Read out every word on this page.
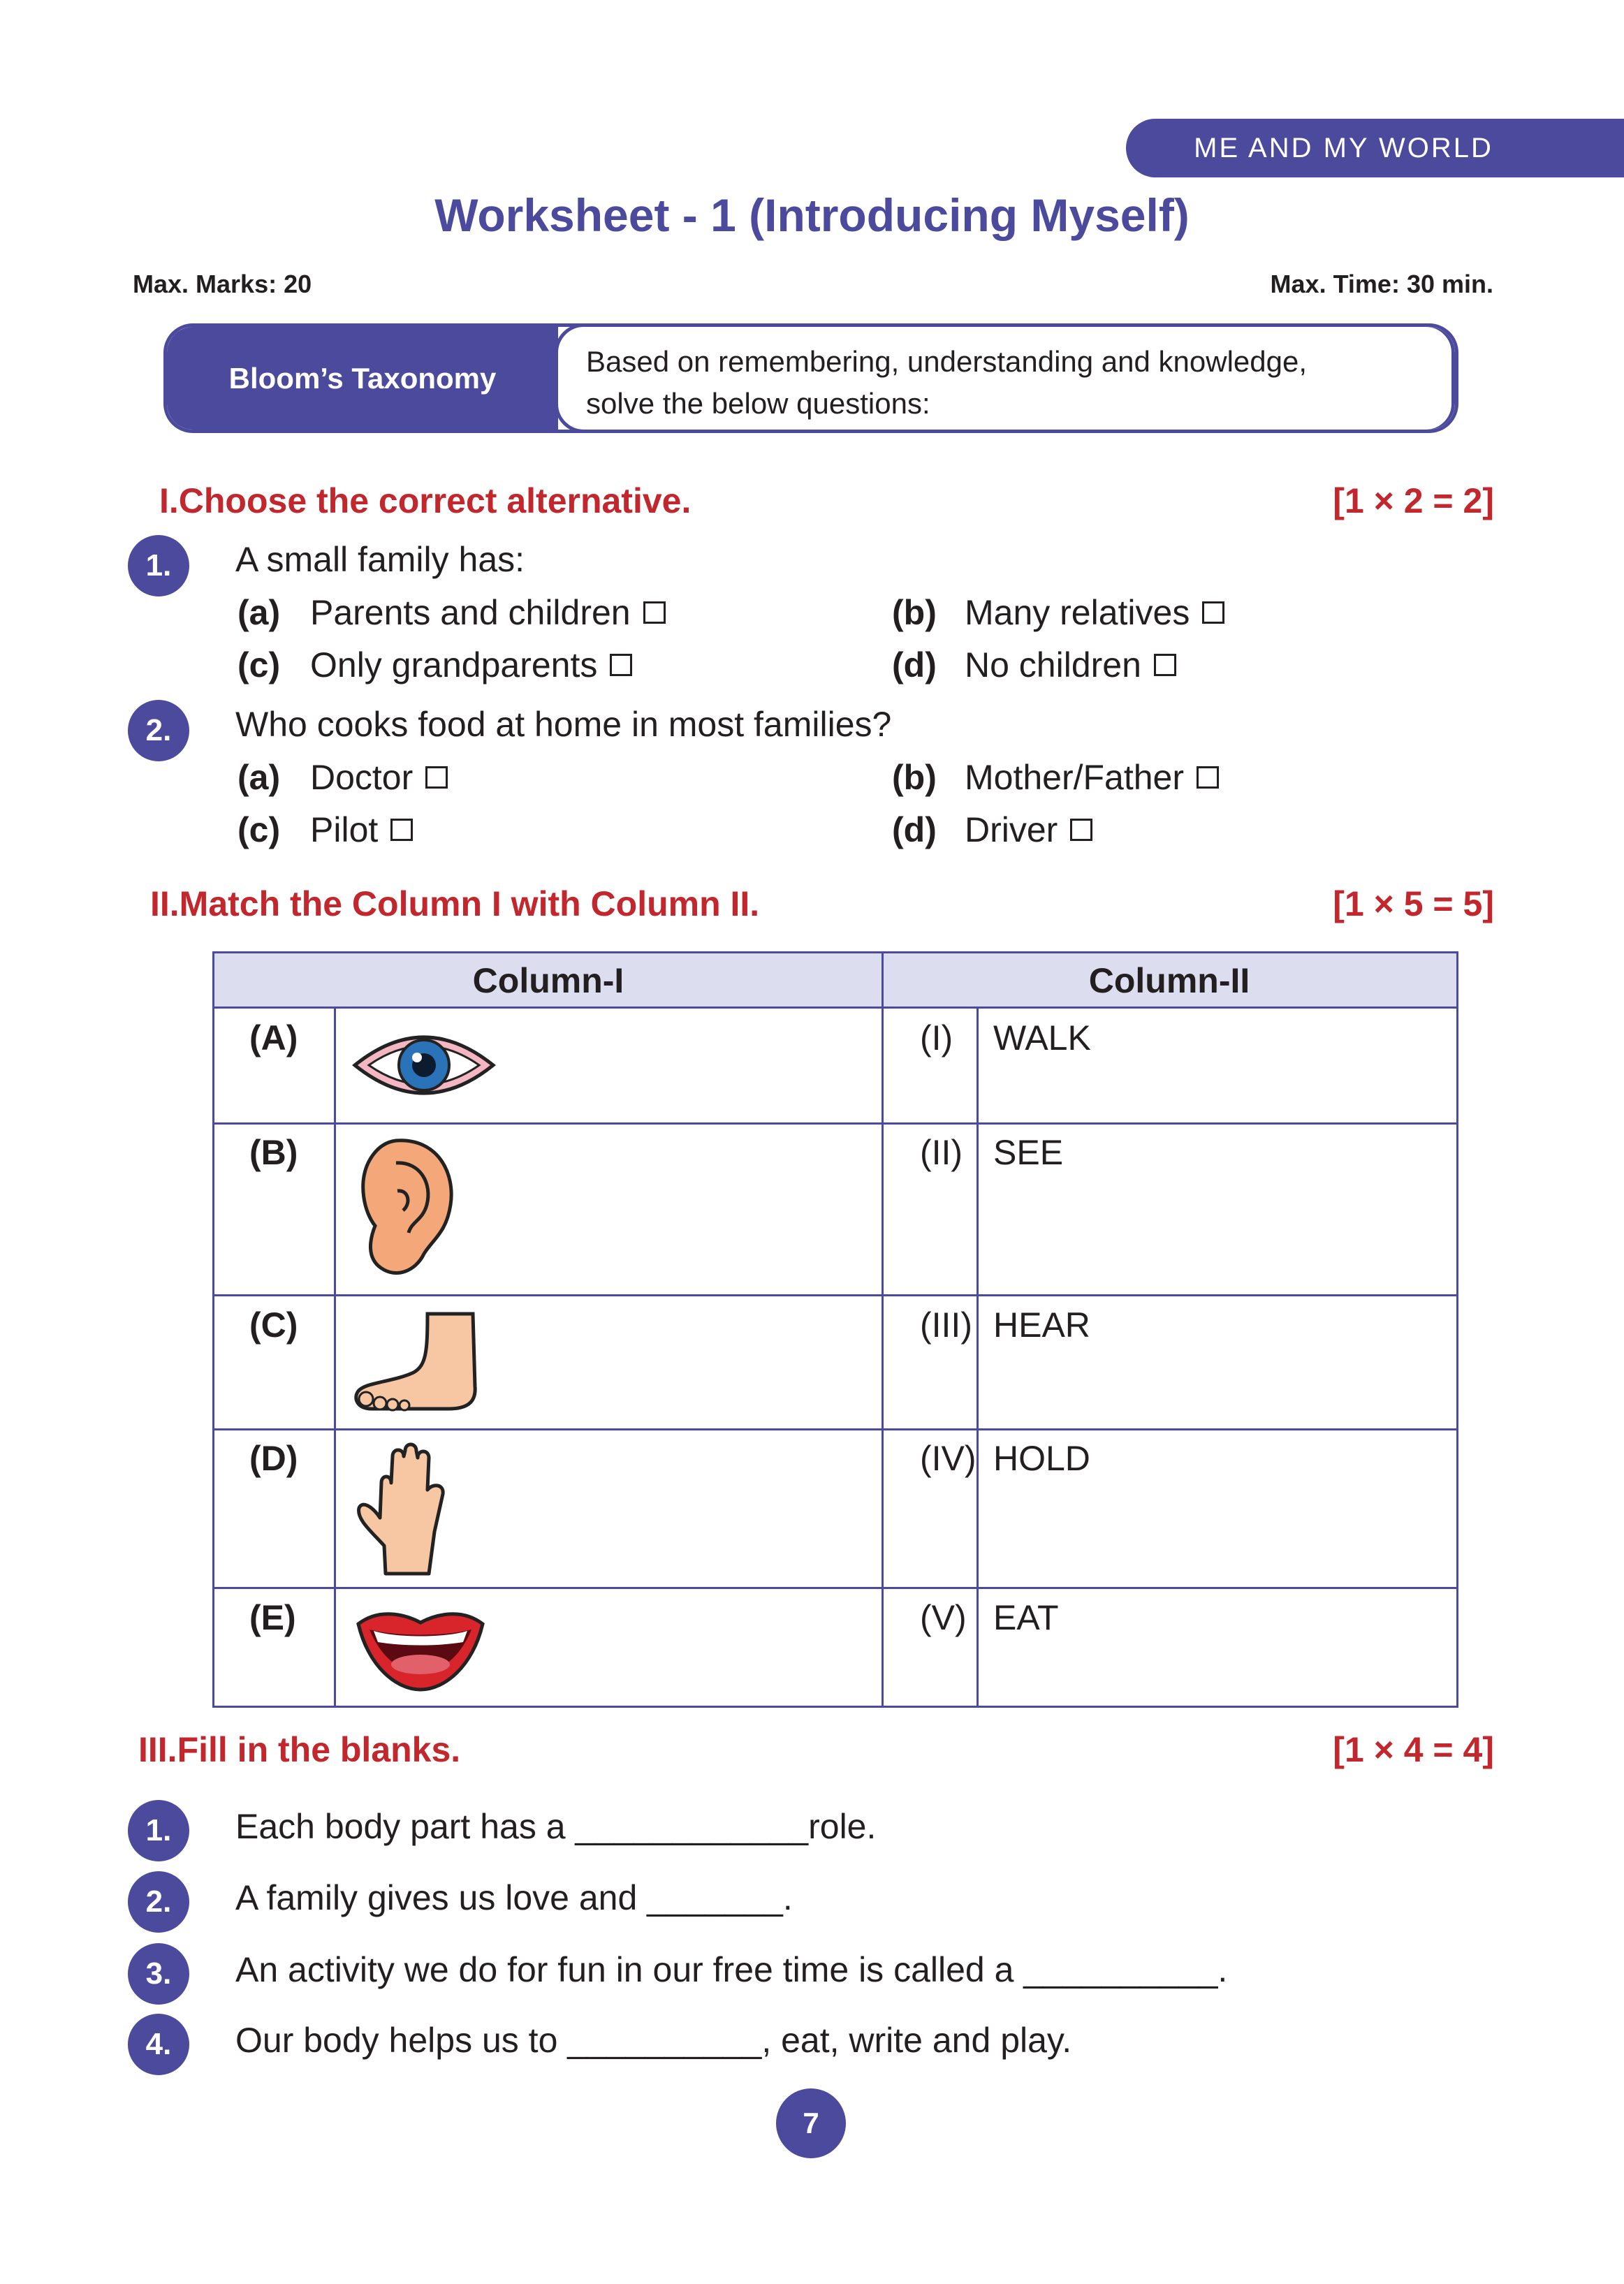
ME AND MY WORLD
Worksheet - 1 (Introducing Myself)
Max. Marks: 20	Max. Time: 30 min.
Bloom’s Taxonomy	Based on remembering, understanding and knowledge,
solve the below questions:
I.Choose the correct alternative.	[1 × 2 = 2]
1.	A small family has:
(a) Parents and children	(b) Many relatives
(c) Only grandparents	(d) No children
2.	Who cooks food at home in most families?
(a) Doctor	(b) Mother/Father
(c) Pilot	(d) Driver
II.Match the Column I with Column II.	[1 × 5 = 5]
Column-I	Column-II
(A)	(I) WALK
(B)	(II) SEE
(C)	(III) HEAR
(D)	(IV) HOLD
(E)	(V) EAT
III.Fill in the blanks.	[1 × 4 = 4]
1.	Each body part has a ____________role.
2.	A family gives us love and _______.
3.	An activity we do for fun in our free time is called a __________.
4.	Our body helps us to __________, eat, write and play.
7
